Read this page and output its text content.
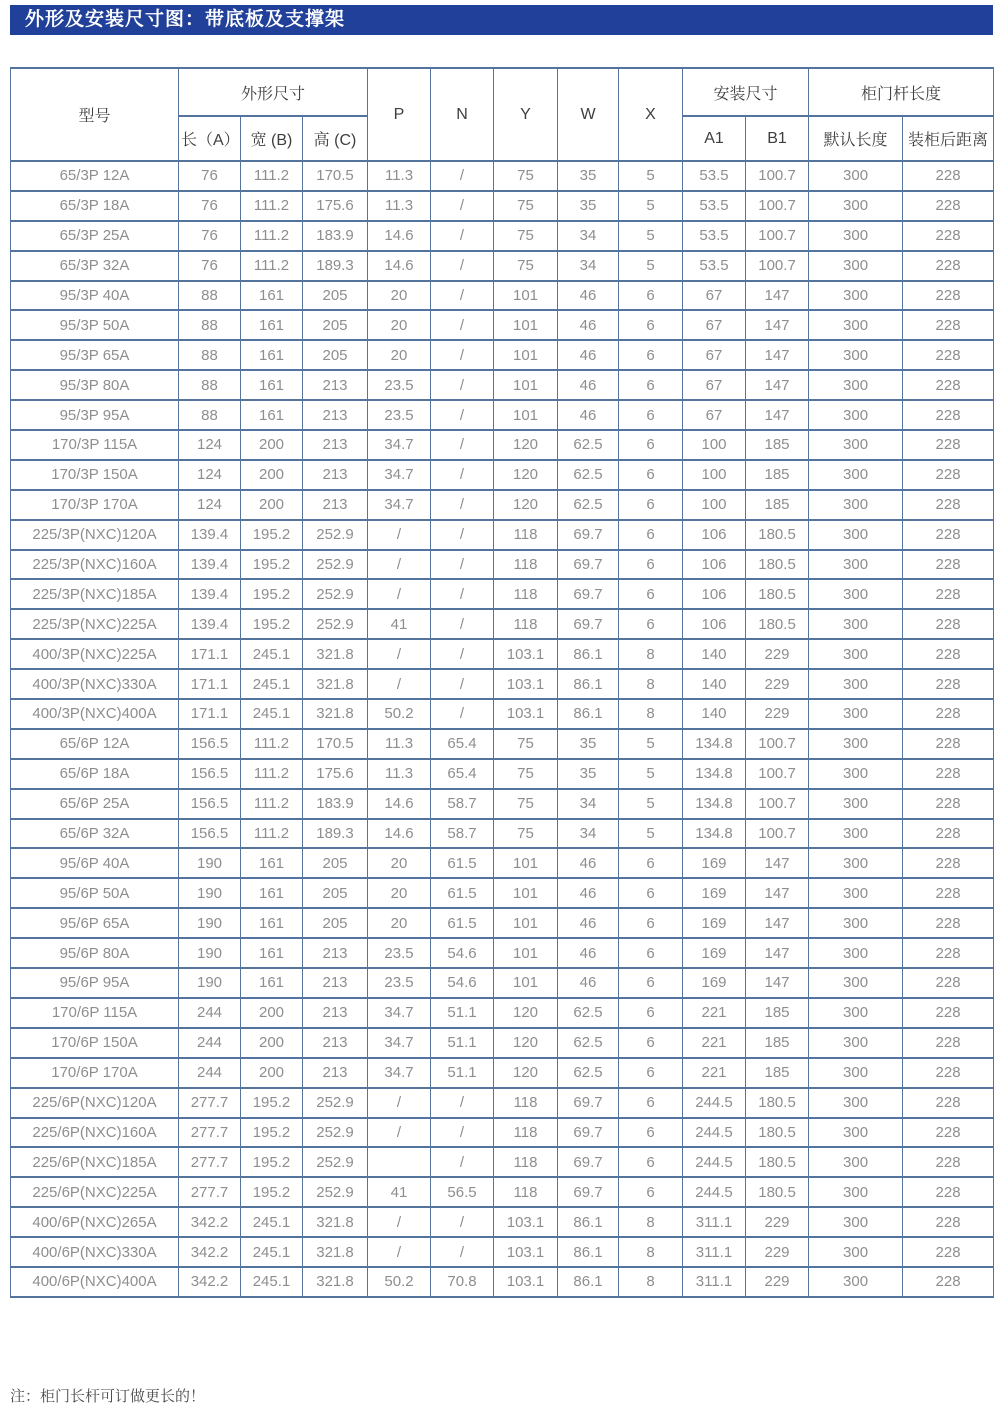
外形及安装尺寸图：带底板及支撑架
型号	外形尺寸			P	N	Y	W	X	安装尺寸		柜门杆长度	
	长（A）	宽 (B)	高 (C)						A1	B1	默认长度	装柜后距离
65/3P 12A	76	111.2	170.5	11.3	/	75	35	5	53.5	100.7	300	228
65/3P 18A	76	111.2	175.6	11.3	/	75	35	5	53.5	100.7	300	228
65/3P 25A	76	111.2	183.9	14.6	/	75	34	5	53.5	100.7	300	228
65/3P 32A	76	111.2	189.3	14.6	/	75	34	5	53.5	100.7	300	228
95/3P 40A	88	161	205	20	/	101	46	6	67	147	300	228
95/3P 50A	88	161	205	20	/	101	46	6	67	147	300	228
95/3P 65A	88	161	205	20	/	101	46	6	67	147	300	228
95/3P 80A	88	161	213	23.5	/	101	46	6	67	147	300	228
95/3P 95A	88	161	213	23.5	/	101	46	6	67	147	300	228
170/3P 115A	124	200	213	34.7	/	120	62.5	6	100	185	300	228
170/3P 150A	124	200	213	34.7	/	120	62.5	6	100	185	300	228
170/3P 170A	124	200	213	34.7	/	120	62.5	6	100	185	300	228
225/3P(NXC)120A	139.4	195.2	252.9	/	/	118	69.7	6	106	180.5	300	228
225/3P(NXC)160A	139.4	195.2	252.9	/	/	118	69.7	6	106	180.5	300	228
225/3P(NXC)185A	139.4	195.2	252.9	/	/	118	69.7	6	106	180.5	300	228
225/3P(NXC)225A	139.4	195.2	252.9	41	/	118	69.7	6	106	180.5	300	228
400/3P(NXC)225A	171.1	245.1	321.8	/	/	103.1	86.1	8	140	229	300	228
400/3P(NXC)330A	171.1	245.1	321.8	/	/	103.1	86.1	8	140	229	300	228
400/3P(NXC)400A	171.1	245.1	321.8	50.2	/	103.1	86.1	8	140	229	300	228
65/6P 12A	156.5	111.2	170.5	11.3	65.4	75	35	5	134.8	100.7	300	228
65/6P 18A	156.5	111.2	175.6	11.3	65.4	75	35	5	134.8	100.7	300	228
65/6P 25A	156.5	111.2	183.9	14.6	58.7	75	34	5	134.8	100.7	300	228
65/6P 32A	156.5	111.2	189.3	14.6	58.7	75	34	5	134.8	100.7	300	228
95/6P 40A	190	161	205	20	61.5	101	46	6	169	147	300	228
95/6P 50A	190	161	205	20	61.5	101	46	6	169	147	300	228
95/6P 65A	190	161	205	20	61.5	101	46	6	169	147	300	228
95/6P 80A	190	161	213	23.5	54.6	101	46	6	169	147	300	228
95/6P 95A	190	161	213	23.5	54.6	101	46	6	169	147	300	228
170/6P 115A	244	200	213	34.7	51.1	120	62.5	6	221	185	300	228
170/6P 150A	244	200	213	34.7	51.1	120	62.5	6	221	185	300	228
170/6P 170A	244	200	213	34.7	51.1	120	62.5	6	221	185	300	228
225/6P(NXC)120A	277.7	195.2	252.9	/	/	118	69.7	6	244.5	180.5	300	228
225/6P(NXC)160A	277.7	195.2	252.9	/	/	118	69.7	6	244.5	180.5	300	228
225/6P(NXC)185A	277.7	195.2	252.9		/	118	69.7	6	244.5	180.5	300	228
225/6P(NXC)225A	277.7	195.2	252.9	41	56.5	118	69.7	6	244.5	180.5	300	228
400/6P(NXC)265A	342.2	245.1	321.8	/	/	103.1	86.1	8	311.1	229	300	228
400/6P(NXC)330A	342.2	245.1	321.8	/	/	103.1	86.1	8	311.1	229	300	228
400/6P(NXC)400A	342.2	245.1	321.8	50.2	70.8	103.1	86.1	8	311.1	229	300	228
注：柜门长杆可订做更长的！
